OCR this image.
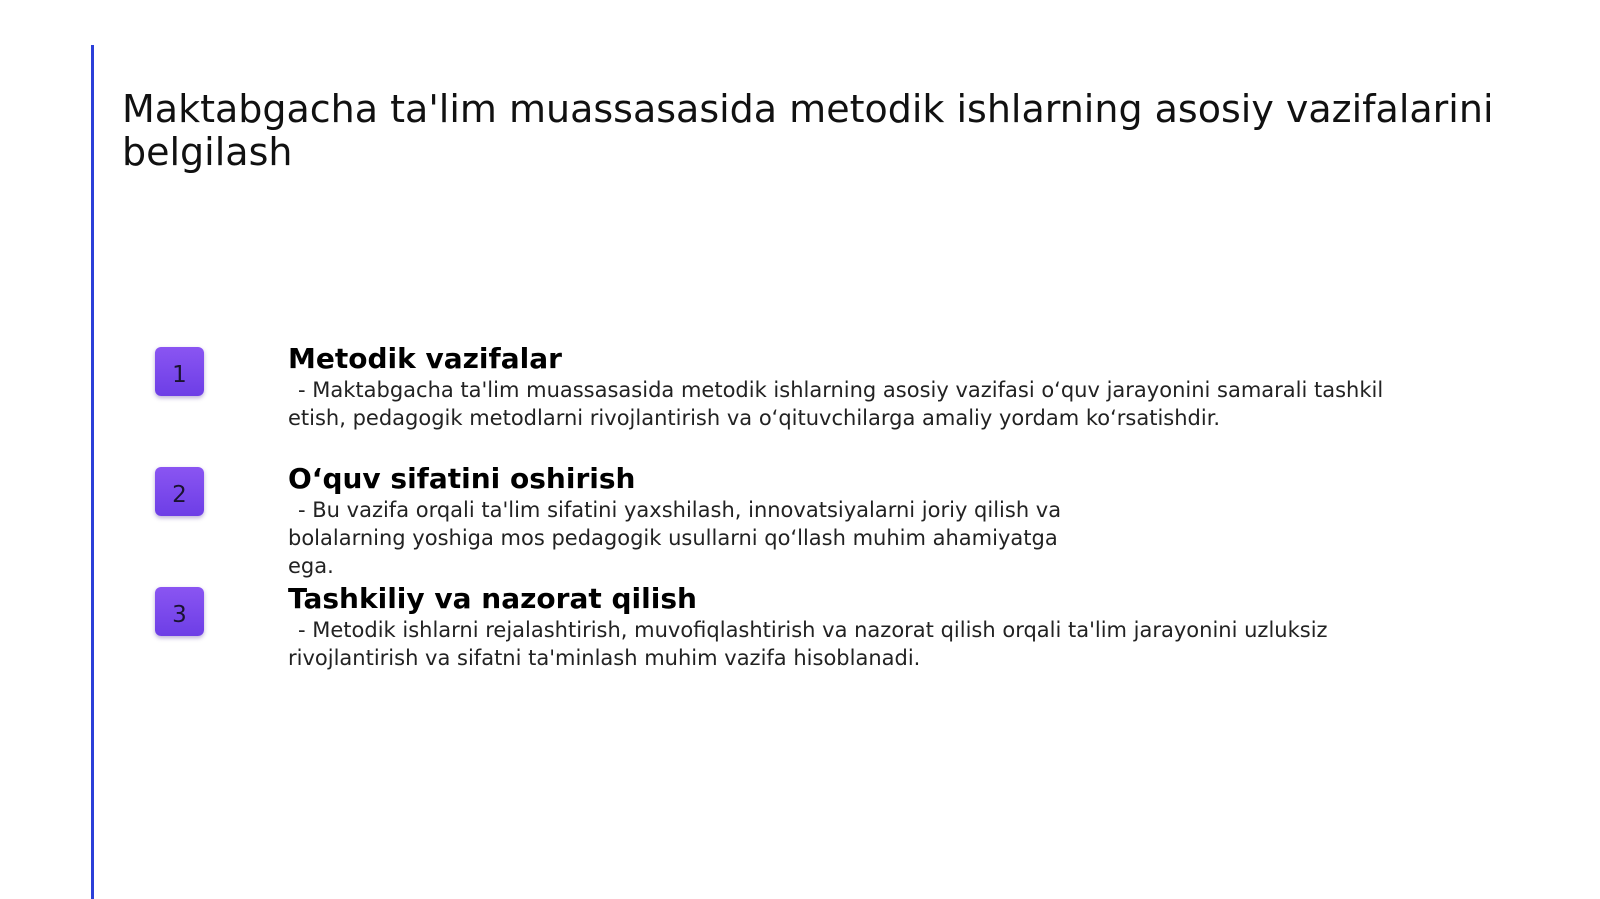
Maktabgacha ta'lim muassasasida metodik ishlarning asosiy vazifalarini belgilash
1	Metodik vazifalar

- Maktabgacha ta'lim muassasasida metodik ishlarning asosiy vazifasi o‘quv jarayonini samarali tashkil etish, pedagogik metodlarni rivojlantirish va o‘qituvchilarga amaliy yordam ko‘rsatishdir.

2	O‘quv sifatini oshirish

- Bu vazifa orqali ta'lim sifatini yaxshilash, innovatsiyalarni joriy qilish va bolalarning yoshiga mos pedagogik usullarni qo‘llash muhim ahamiyatga ega.

3	Tashkiliy va nazorat qilish

- Metodik ishlarni rejalashtirish, muvofiqlashtirish va nazorat qilish orqali ta'lim jarayonini uzluksiz rivojlantirish va sifatni ta'minlash muhim vazifa hisoblanadi.
